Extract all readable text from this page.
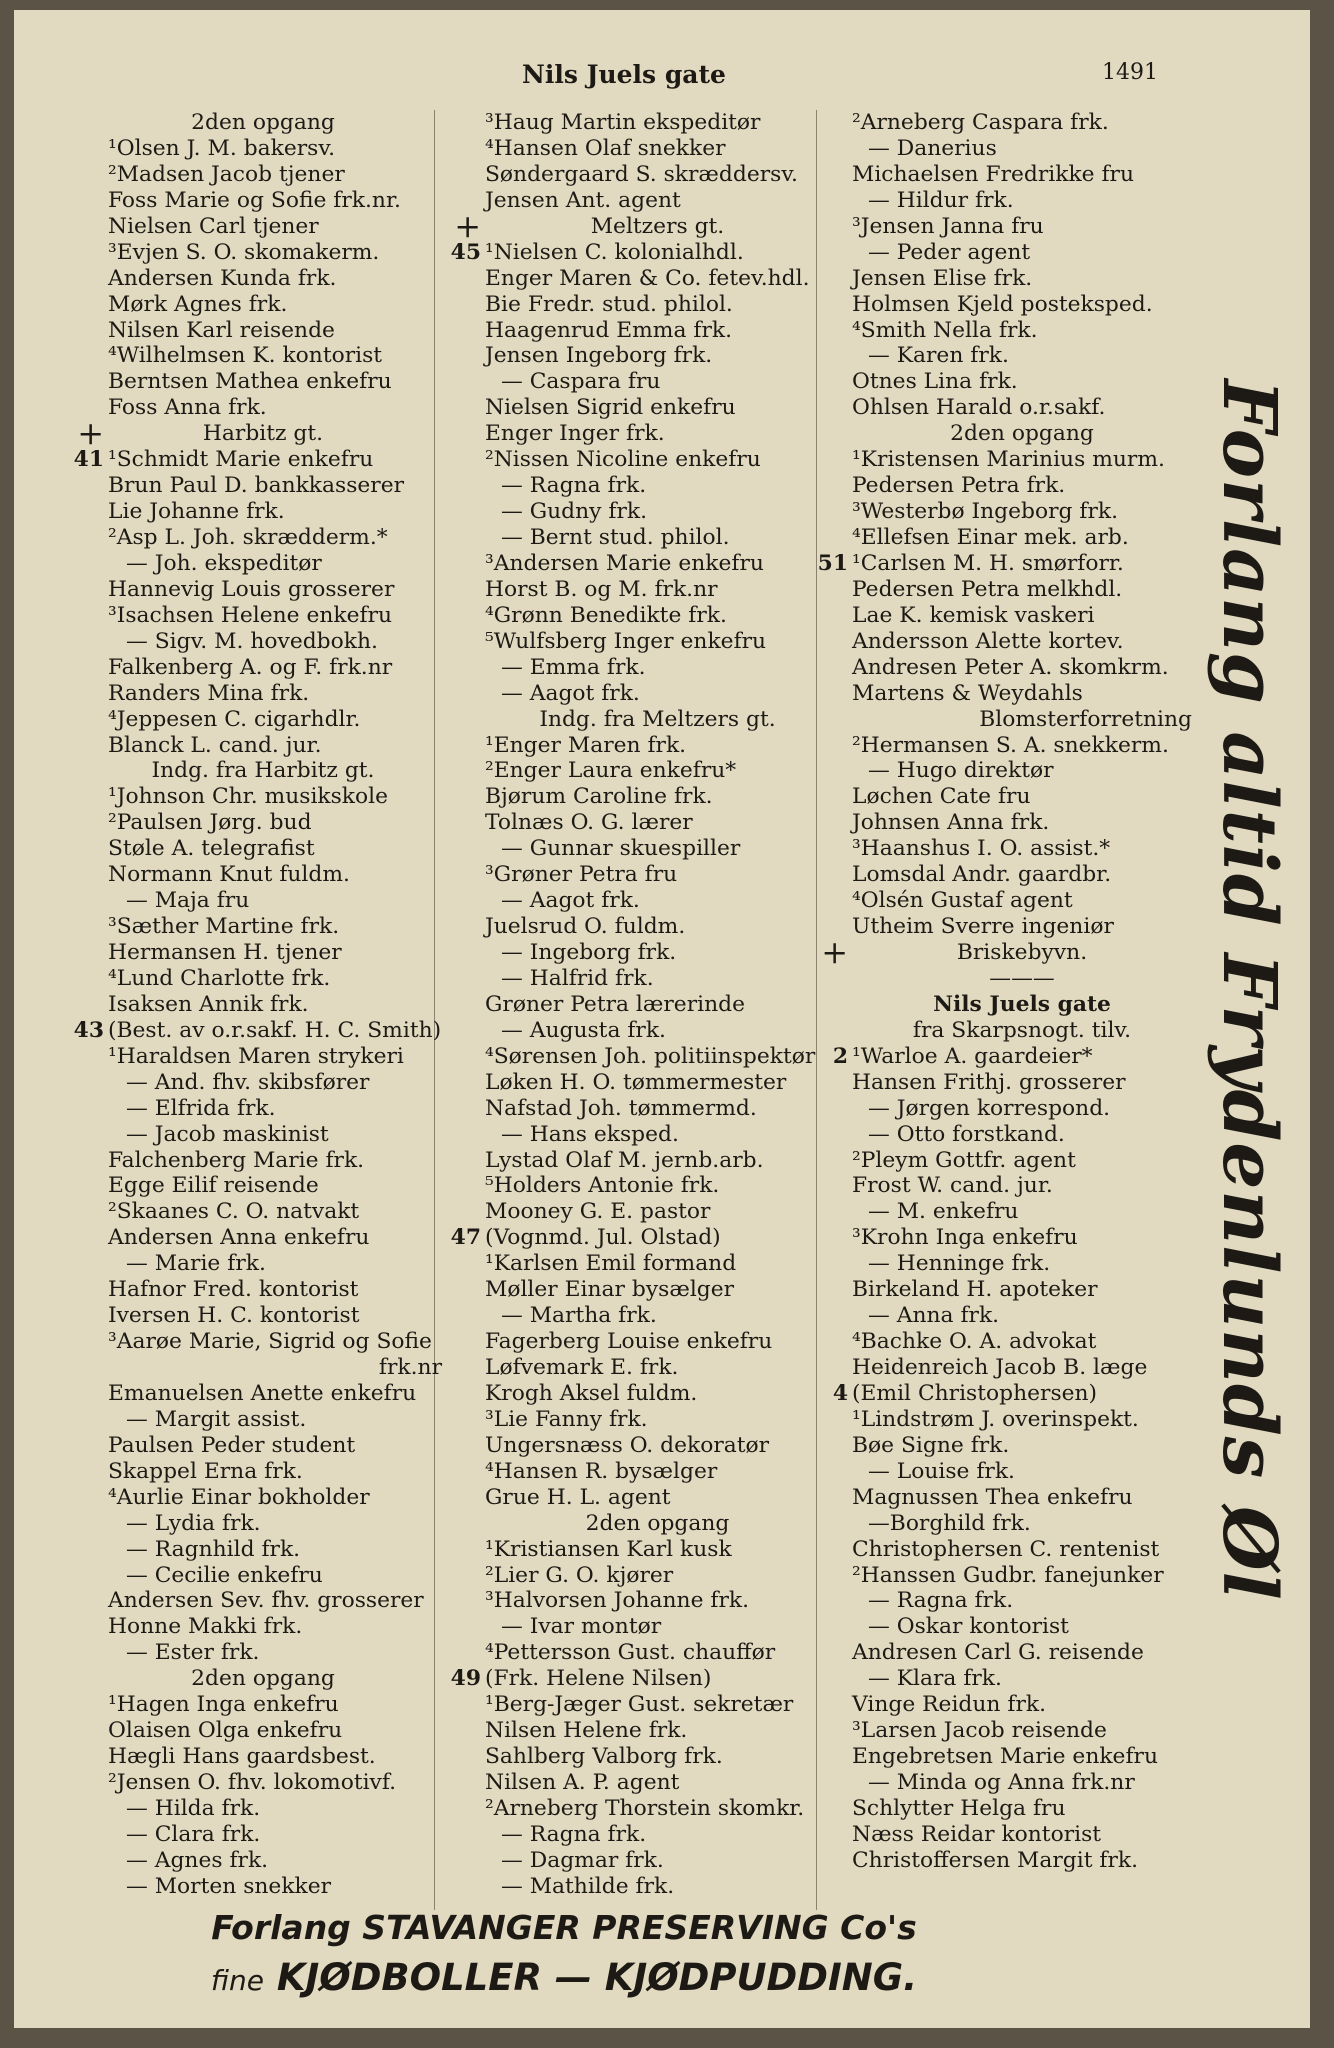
Nils Juels gate	1491
2den opgang
¹Olsen J. M. bakersv.
²Madsen Jacob tjener
Foss Marie og Sofie frk.nr.
Nielsen Carl tjener
³Evjen S. O. skomakerm.
Andersen Kunda frk.
Mørk Agnes frk.
Nilsen Karl reisende
⁴Wilhelmsen K. kontorist
Berntsen Mathea enkefru
Foss Anna frk.
+	Harbitz gt.
41 ¹Schmidt Marie enkefru
Brun Paul D. bankkasserer
Lie Johanne frk.
²Asp L. Joh. skrædderm.*
— Joh. ekspeditør
Hannevig Louis grosserer
³Isachsen Helene enkefru
— Sigv. M. hovedbokh.
Falkenberg A. og F. frk.nr
Randers Mina frk.
⁴Jeppesen C. cigarhdlr.
Blanck L. cand. jur.
Indg. fra Harbitz gt.
¹Johnson Chr. musikskole
²Paulsen Jørg. bud
Støle A. telegrafist
Normann Knut fuldm.
— Maja fru
³Sæther Martine frk.
Hermansen H. tjener
⁴Lund Charlotte frk.
Isaksen Annik frk.
43 (Best. av o.r.sakf. H. C. Smith)
¹Haraldsen Maren strykeri
— And. fhv. skibsfører
— Elfrida frk.
— Jacob maskinist
Falchenberg Marie frk.
Egge Eilif reisende
²Skaanes C. O. natvakt
Andersen Anna enkefru
— Marie frk.
Hafnor Fred. kontorist
Iversen H. C. kontorist
³Aarøe Marie, Sigrid og Sofie
frk.nr
Emanuelsen Anette enkefru
— Margit assist.
Paulsen Peder student
Skappel Erna frk.
⁴Aurlie Einar bokholder
— Lydia frk.
— Ragnhild frk.
— Cecilie enkefru
Andersen Sev. fhv. grosserer
Honne Makki frk.
— Ester frk.
2den opgang
¹Hagen Inga enkefru
Olaisen Olga enkefru
Hægli Hans gaardsbest.
²Jensen O. fhv. lokomotivf.
— Hilda frk.
— Clara frk.
— Agnes frk.
— Morten snekker
³Haug Martin ekspeditør
⁴Hansen Olaf snekker
Søndergaard S. skræddersv.
Jensen Ant. agent
+	Meltzers gt.
45 ¹Nielsen C. kolonialhdl.
Enger Maren & Co. fetev.hdl.
Bie Fredr. stud. philol.
Haagenrud Emma frk.
Jensen Ingeborg frk.
— Caspara fru
Nielsen Sigrid enkefru
Enger Inger frk.
²Nissen Nicoline enkefru
— Ragna frk.
— Gudny frk.
— Bernt stud. philol.
³Andersen Marie enkefru
Horst B. og M. frk.nr
⁴Grønn Benedikte frk.
⁵Wulfsberg Inger enkefru
— Emma frk.
— Aagot frk.
Indg. fra Meltzers gt.
¹Enger Maren frk.
²Enger Laura enkefru*
Bjørum Caroline frk.
Tolnæs O. G. lærer
— Gunnar skuespiller
³Grøner Petra fru
— Aagot frk.
Juelsrud O. fuldm.
— Ingeborg frk.
— Halfrid frk.
Grøner Petra lærerinde
— Augusta frk.
⁴Sørensen Joh. politiinspektør
Løken H. O. tømmermester
Nafstad Joh. tømmermd.
— Hans eksped.
Lystad Olaf M. jernb.arb.
⁵Holders Antonie frk.
Mooney G. E. pastor
47 (Vognmd. Jul. Olstad)
¹Karlsen Emil formand
Møller Einar bysælger
— Martha frk.
Fagerberg Louise enkefru
Løfvemark E. frk.
Krogh Aksel fuldm.
³Lie Fanny frk.
Ungersnæss O. dekoratør
⁴Hansen R. bysælger
Grue H. L. agent
2den opgang
¹Kristiansen Karl kusk
²Lier G. O. kjører
³Halvorsen Johanne frk.
— Ivar montør
⁴Pettersson Gust. chauffør
49 (Frk. Helene Nilsen)
¹Berg-Jæger Gust. sekretær
Nilsen Helene frk.
Sahlberg Valborg frk.
Nilsen A. P. agent
²Arneberg Thorstein skomkr.
— Ragna frk.
— Dagmar frk.
— Mathilde frk.
²Arneberg Caspara frk.
— Danerius
Michaelsen Fredrikke fru
— Hildur frk.
³Jensen Janna fru
— Peder agent
Jensen Elise frk.
Holmsen Kjeld posteksped.
⁴Smith Nella frk.
— Karen frk.
Otnes Lina frk.
Ohlsen Harald o.r.sakf.
2den opgang
¹Kristensen Marinius murm.
Pedersen Petra frk.
³Westerbø Ingeborg frk.
⁴Ellefsen Einar mek. arb.
51 ¹Carlsen M. H. smørforr.
Pedersen Petra melkhdl.
Lae K. kemisk vaskeri
Andersson Alette kortev.
Andresen Peter A. skomkrm.
Martens & Weydahls
Blomsterforretning
²Hermansen S. A. snekkerm.
— Hugo direktør
Løchen Cate fru
Johnsen Anna frk.
³Haanshus I. O. assist.*
Lomsdal Andr. gaardbr.
⁴Olsén Gustaf agent
Utheim Sverre ingeniør
+	Briskebyvn.
———
Nils Juels gate
fra Skarpsnogt. tilv.
2 ¹Warloe A. gaardeier*
Hansen Frithj. grosserer
— Jørgen korrespond.
— Otto forstkand.
²Pleym Gottfr. agent
Frost W. cand. jur.
— M. enkefru
³Krohn Inga enkefru
— Henninge frk.
Birkeland H. apoteker
— Anna frk.
⁴Bachke O. A. advokat
Heidenreich Jacob B. læge
4 (Emil Christophersen)
¹Lindstrøm J. overinspekt.
Bøe Signe frk.
— Louise frk.
Magnussen Thea enkefru
—Borghild frk.
Christophersen C. rentenist
²Hanssen Gudbr. fanejunker
— Ragna frk.
— Oskar kontorist
Andresen Carl G. reisende
— Klara frk.
Vinge Reidun frk.
³Larsen Jacob reisende
Engebretsen Marie enkefru
— Minda og Anna frk.nr
Schlytter Helga fru
Næss Reidar kontorist
Christoffersen Margit frk.
Forlang altid Frydenlunds Øl
Forlang STAVANGER PRESERVING Co's
fine KJØDBOLLER — KJØDPUDDING.
